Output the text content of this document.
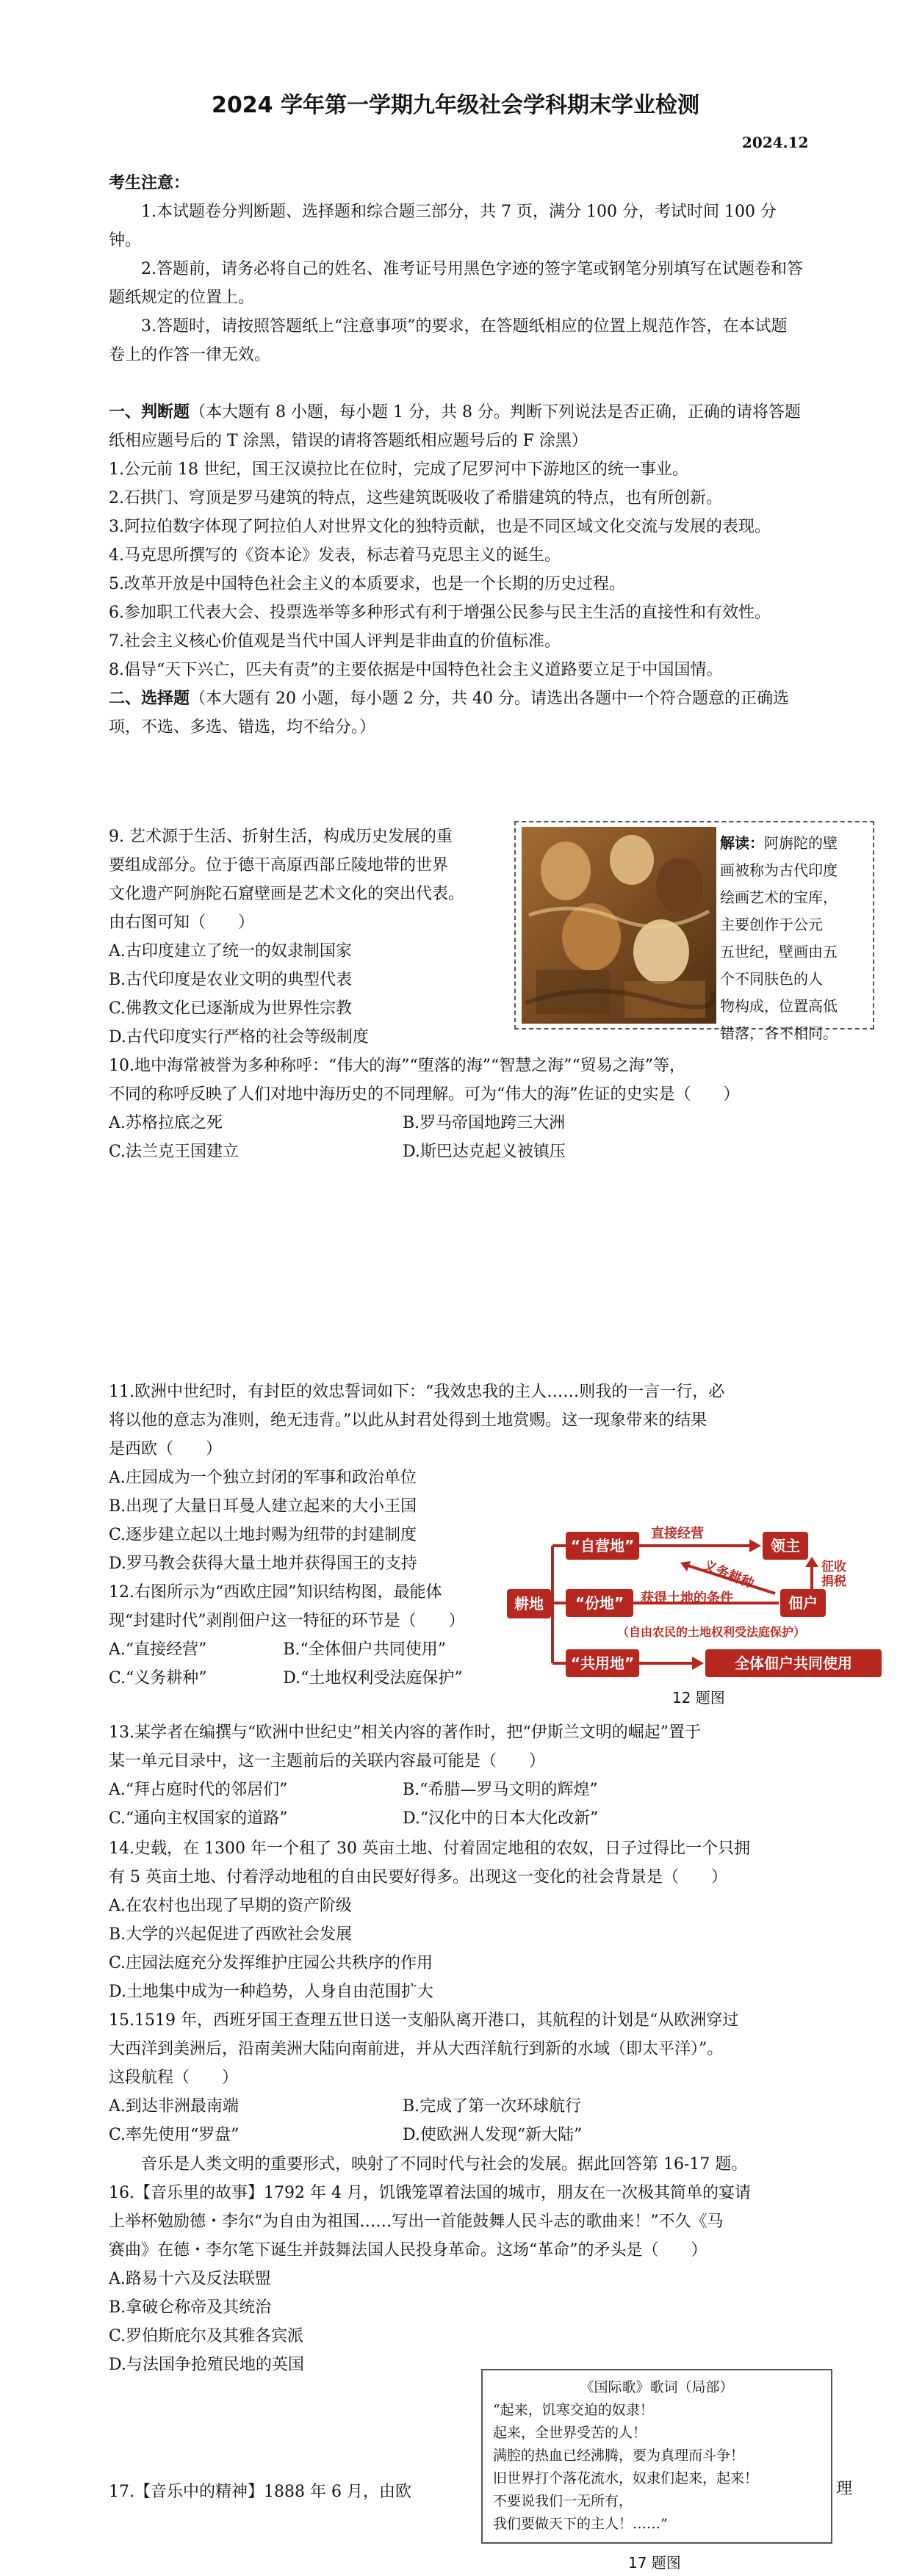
2024 学年第一学期九年级社会学科期末学业检测
2024.12

考生注意：

1.本试题卷分判断题、选择题和综合题三部分，共 7 页，满分 100 分，考试时间 100 分钟。

2.答题前，请务必将自己的姓名、准考证号用黑色字迹的签字笔或钢笔分别填写在试题卷和答题纸规定的位置上。

3.答题时，请按照答题纸上“注意事项”的要求，在答题纸相应的位置上规范作答，在本试题卷上的作答一律无效。

一、判断题（本大题有 8 小题，每小题 1 分，共 8 分。判断下列说法是否正确，正确的请将答题纸相应题号后的 T 涂黑，错误的请将答题纸相应题号后的 F 涂黑）

1.公元前 18 世纪，国王汉谟拉比在位时，完成了尼罗河中下游地区的统一事业。

2.石拱门、穹顶是罗马建筑的特点，这些建筑既吸收了希腊建筑的特点，也有所创新。

3.阿拉伯数字体现了阿拉伯人对世界文化的独特贡献，也是不同区域文化交流与发展的表现。

4.马克思所撰写的《资本论》发表，标志着马克思主义的诞生。

5.改革开放是中国特色社会主义的本质要求，也是一个长期的历史过程。

6.参加职工代表大会、投票选举等多种形式有利于增强公民参与民主生活的直接性和有效性。

7.社会主义核心价值观是当代中国人评判是非曲直的价值标准。

8.倡导“天下兴亡，匹夫有责”的主要依据是中国特色社会主义道路要立足于中国国情。

二、选择题（本大题有 20 小题，每小题 2 分，共 40 分。请选出各题中一个符合题意的正确选项，不选、多选、错选，均不给分。）

9. 艺术源于生活、折射生活，构成历史发展的重

要组成部分。位于德干高原西部丘陵地带的世界

文化遗产阿旃陀石窟壁画是艺术文化的突出代表。

由右图可知（　　）

A.古印度建立了统一的奴隶制国家

B.古代印度是农业文明的典型代表

C.佛教文化已逐渐成为世界性宗教

D.古代印度实行严格的社会等级制度

解读：阿旃陀的壁
画被称为古代印度
绘画艺术的宝库，
主要创作于公元
五世纪，壁画由五
个不同肤色的人
物构成，位置高低
错落，各不相同。

10.地中海常被誉为多种称呼：“伟大的海”“堕落的海”“智慧之海”“贸易之海”等，

不同的称呼反映了人们对地中海历史的不同理解。可为“伟大的海”佐证的史实是（　　）

A.苏格拉底之死	B.罗马帝国地跨三大洲
C.法兰克王国建立	D.斯巴达克起义被镇压

11.欧洲中世纪时，有封臣的效忠誓词如下：“我效忠我的主人……则我的一言一行，必

将以他的意志为准则，绝无违背。”以此从封君处得到土地赏赐。这一现象带来的结果

是西欧（　　）

A.庄园成为一个独立封闭的军事和政治单位

B.出现了大量日耳曼人建立起来的大小王国

C.逐步建立起以土地封赐为纽带的封建制度

D.罗马教会获得大量土地并获得国王的支持

12.右图所示为“西欧庄园”知识结构图，最能体

现“封建时代”剥削佃户这一特征的环节是（　　）

A.“直接经营”	B.“全体佃户共同使用”
C.“义务耕种”	D.“土地权利受法庭保护”
耕地
“自营地”
“份地”
“共用地”
领主
佃户
全体佃户共同使用
直接经营
义务耕种	征收捐税
获得土地的条件
（自由农民的土地权利受法庭保护）
12 题图

13.某学者在编撰与“欧洲中世纪史”相关内容的著作时，把“伊斯兰文明的崛起”置于

某一单元目录中，这一主题前后的关联内容最可能是（　　）

A.“拜占庭时代的邻居们”	B.“希腊—罗马文明的辉煌”
C.“通向主权国家的道路”	D.“汉化中的日本大化改新”

14.史载，在 1300 年一个租了 30 英亩土地、付着固定地租的农奴，日子过得比一个只拥

有 5 英亩土地、付着浮动地租的自由民要好得多。出现这一变化的社会背景是（　　）

A.在农村也出现了早期的资产阶级

B.大学的兴起促进了西欧社会发展

C.庄园法庭充分发挥维护庄园公共秩序的作用

D.土地集中成为一种趋势，人身自由范围扩大

15.1519 年，西班牙国王查理五世日送一支船队离开港口，其航程的计划是“从欧洲穿过

大西洋到美洲后，沿南美洲大陆向南前进，并从大西洋航行到新的水域（即太平洋）”。

这段航程（　　）

A.到达非洲最南端	B.完成了第一次环球航行
C.率先使用“罗盘”	D.使欧洲人发现“新大陆”

音乐是人类文明的重要形式，映射了不同时代与社会的发展。据此回答第 16-17 题。

16.【音乐里的故事】1792 年 4 月，饥饿笼罩着法国的城市，朋友在一次极其简单的宴请

上举杯勉励德・李尔“为自由为祖国……写出一首能鼓舞人民斗志的歌曲来！”不久《马

赛曲》在德・李尔笔下诞生并鼓舞法国人民投身革命。这场“革命”的矛头是（　　）

A.路易十六及反法联盟

B.拿破仑称帝及其统治

C.罗伯斯庇尔及其雅各宾派

D.与法国争抢殖民地的英国

17.【音乐中的精神】1888 年 6 月，由欧

《国际歌》歌词（局部）
“起来，饥寒交迫的奴隶！
起来，全世界受苦的人！
满腔的热血已经沸腾，要为真理而斗争！
旧世界打个落花流水，奴隶们起来，起来！
不要说我们一无所有，
我们要做天下的主人！……”
理
17 题图
